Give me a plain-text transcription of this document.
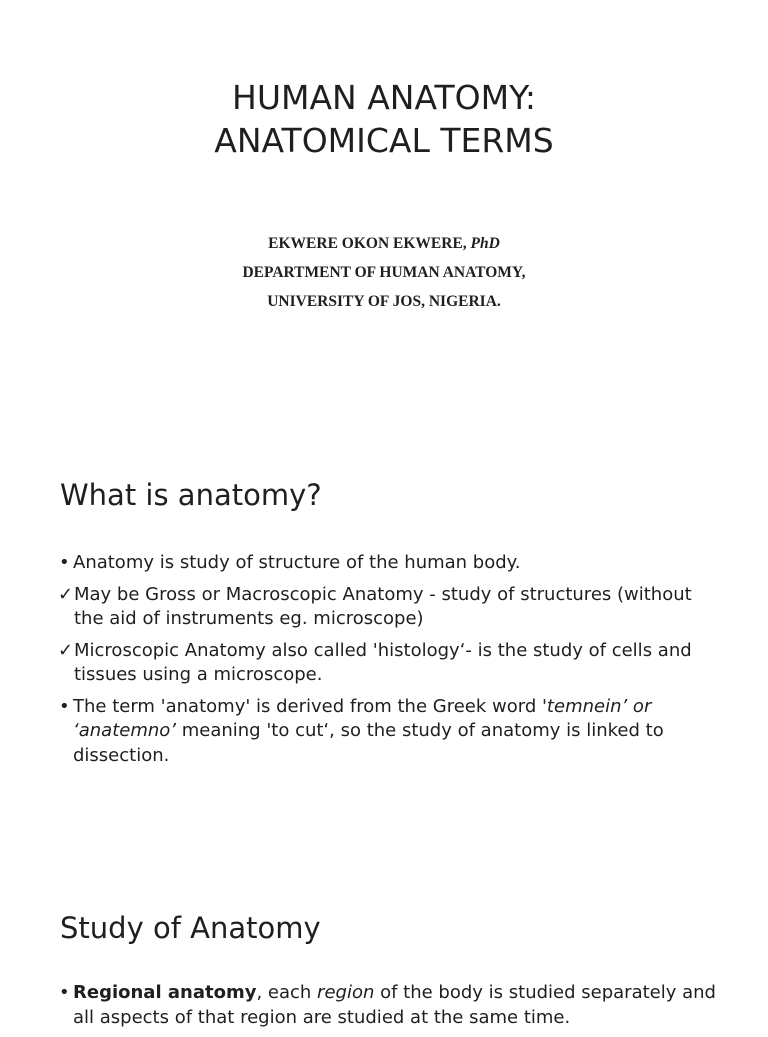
HUMAN ANATOMY:
ANATOMICAL TERMS
EKWERE OKON EKWERE, PhD
DEPARTMENT OF HUMAN ANATOMY,
UNIVERSITY OF JOS, NIGERIA.
What is anatomy?
• Anatomy is study of structure of the human body.
✓ May be Gross or Macroscopic Anatomy - study of structures (without the aid of instruments eg. microscope)
✓ Microscopic Anatomy also called 'histology‘- is the study of cells and tissues using a microscope.
• The term 'anatomy' is derived from the Greek word 'temnein’ or ‘anatemno’ meaning 'to cut‘, so the study of anatomy is linked to dissection.
Study of Anatomy
• Regional anatomy, each region of the body is studied separately and all aspects of that region are studied at the same time.
